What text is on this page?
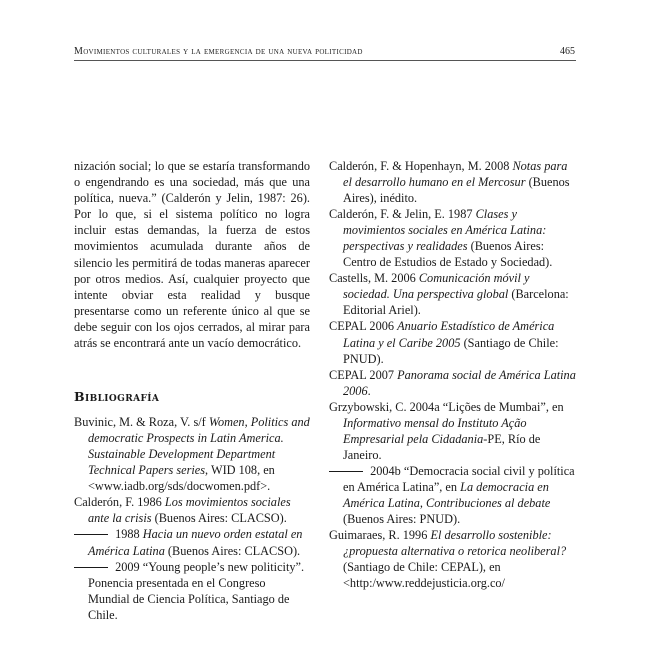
Movimientos culturales y la emergencia de una nueva politicidad	465

nización social; lo que se estaría transformando o engendrando es una sociedad, más que una política, nueva.” (Calderón y Jelin, 1987: 26). Por lo que, si el sistema político no logra incluir estas demandas, la fuerza de estos movimientos acumulada durante años de silencio les permitirá de todas maneras aparecer por otros medios. Así, cualquier proyecto que intente obviar esta realidad y busque presentarse como un referente único al que se debe seguir con los ojos cerrados, al mirar para atrás se encontrará ante un vacío democrático.

Bibliografía

Buvinic, M. & Roza, V. s/f Women, Politics and democratic Prospects in Latin America. Sustainable Development Department Technical Papers series, WID 108, en <www.iadb.org/sds/docwomen.pdf>.

Calderón, F. 1986 Los movimientos sociales ante la crisis (Buenos Aires: CLACSO).

1988 Hacia un nuevo orden estatal en América Latina (Buenos Aires: CLACSO).

2009 “Young people’s new politicity”. Ponencia presentada en el Congreso Mundial de Ciencia Política, Santiago de Chile.

Calderón, F. & Hopenhayn, M. 2008 Notas para el desarrollo humano en el Mercosur (Buenos Aires), inédito.

Calderón, F. & Jelin, E. 1987 Clases y movimientos sociales en América Latina: perspectivas y realidades (Buenos Aires: Centro de Estudios de Estado y Sociedad).

Castells, M. 2006 Comunicación móvil y sociedad. Una perspectiva global (Barcelona: Editorial Ariel).

CEPAL 2006 Anuario Estadístico de América Latina y el Caribe 2005 (Santiago de Chile: PNUD).

CEPAL 2007 Panorama social de América Latina 2006.

Grzybowski, C. 2004a “Lições de Mumbai”, en Informativo mensal do Instituto Ação Empresarial pela Cidadania-PE, Río de Janeiro.

2004b “Democracia social civil y política en América Latina”, en La democracia en América Latina, Contribuciones al debate (Buenos Aires: PNUD).

Guimaraes, R. 1996 El desarrollo sostenible: ¿propuesta alternativa o retorica neoliberal? (Santiago de Chile: CEPAL), en <http:/www.reddejusticia.org.co/
